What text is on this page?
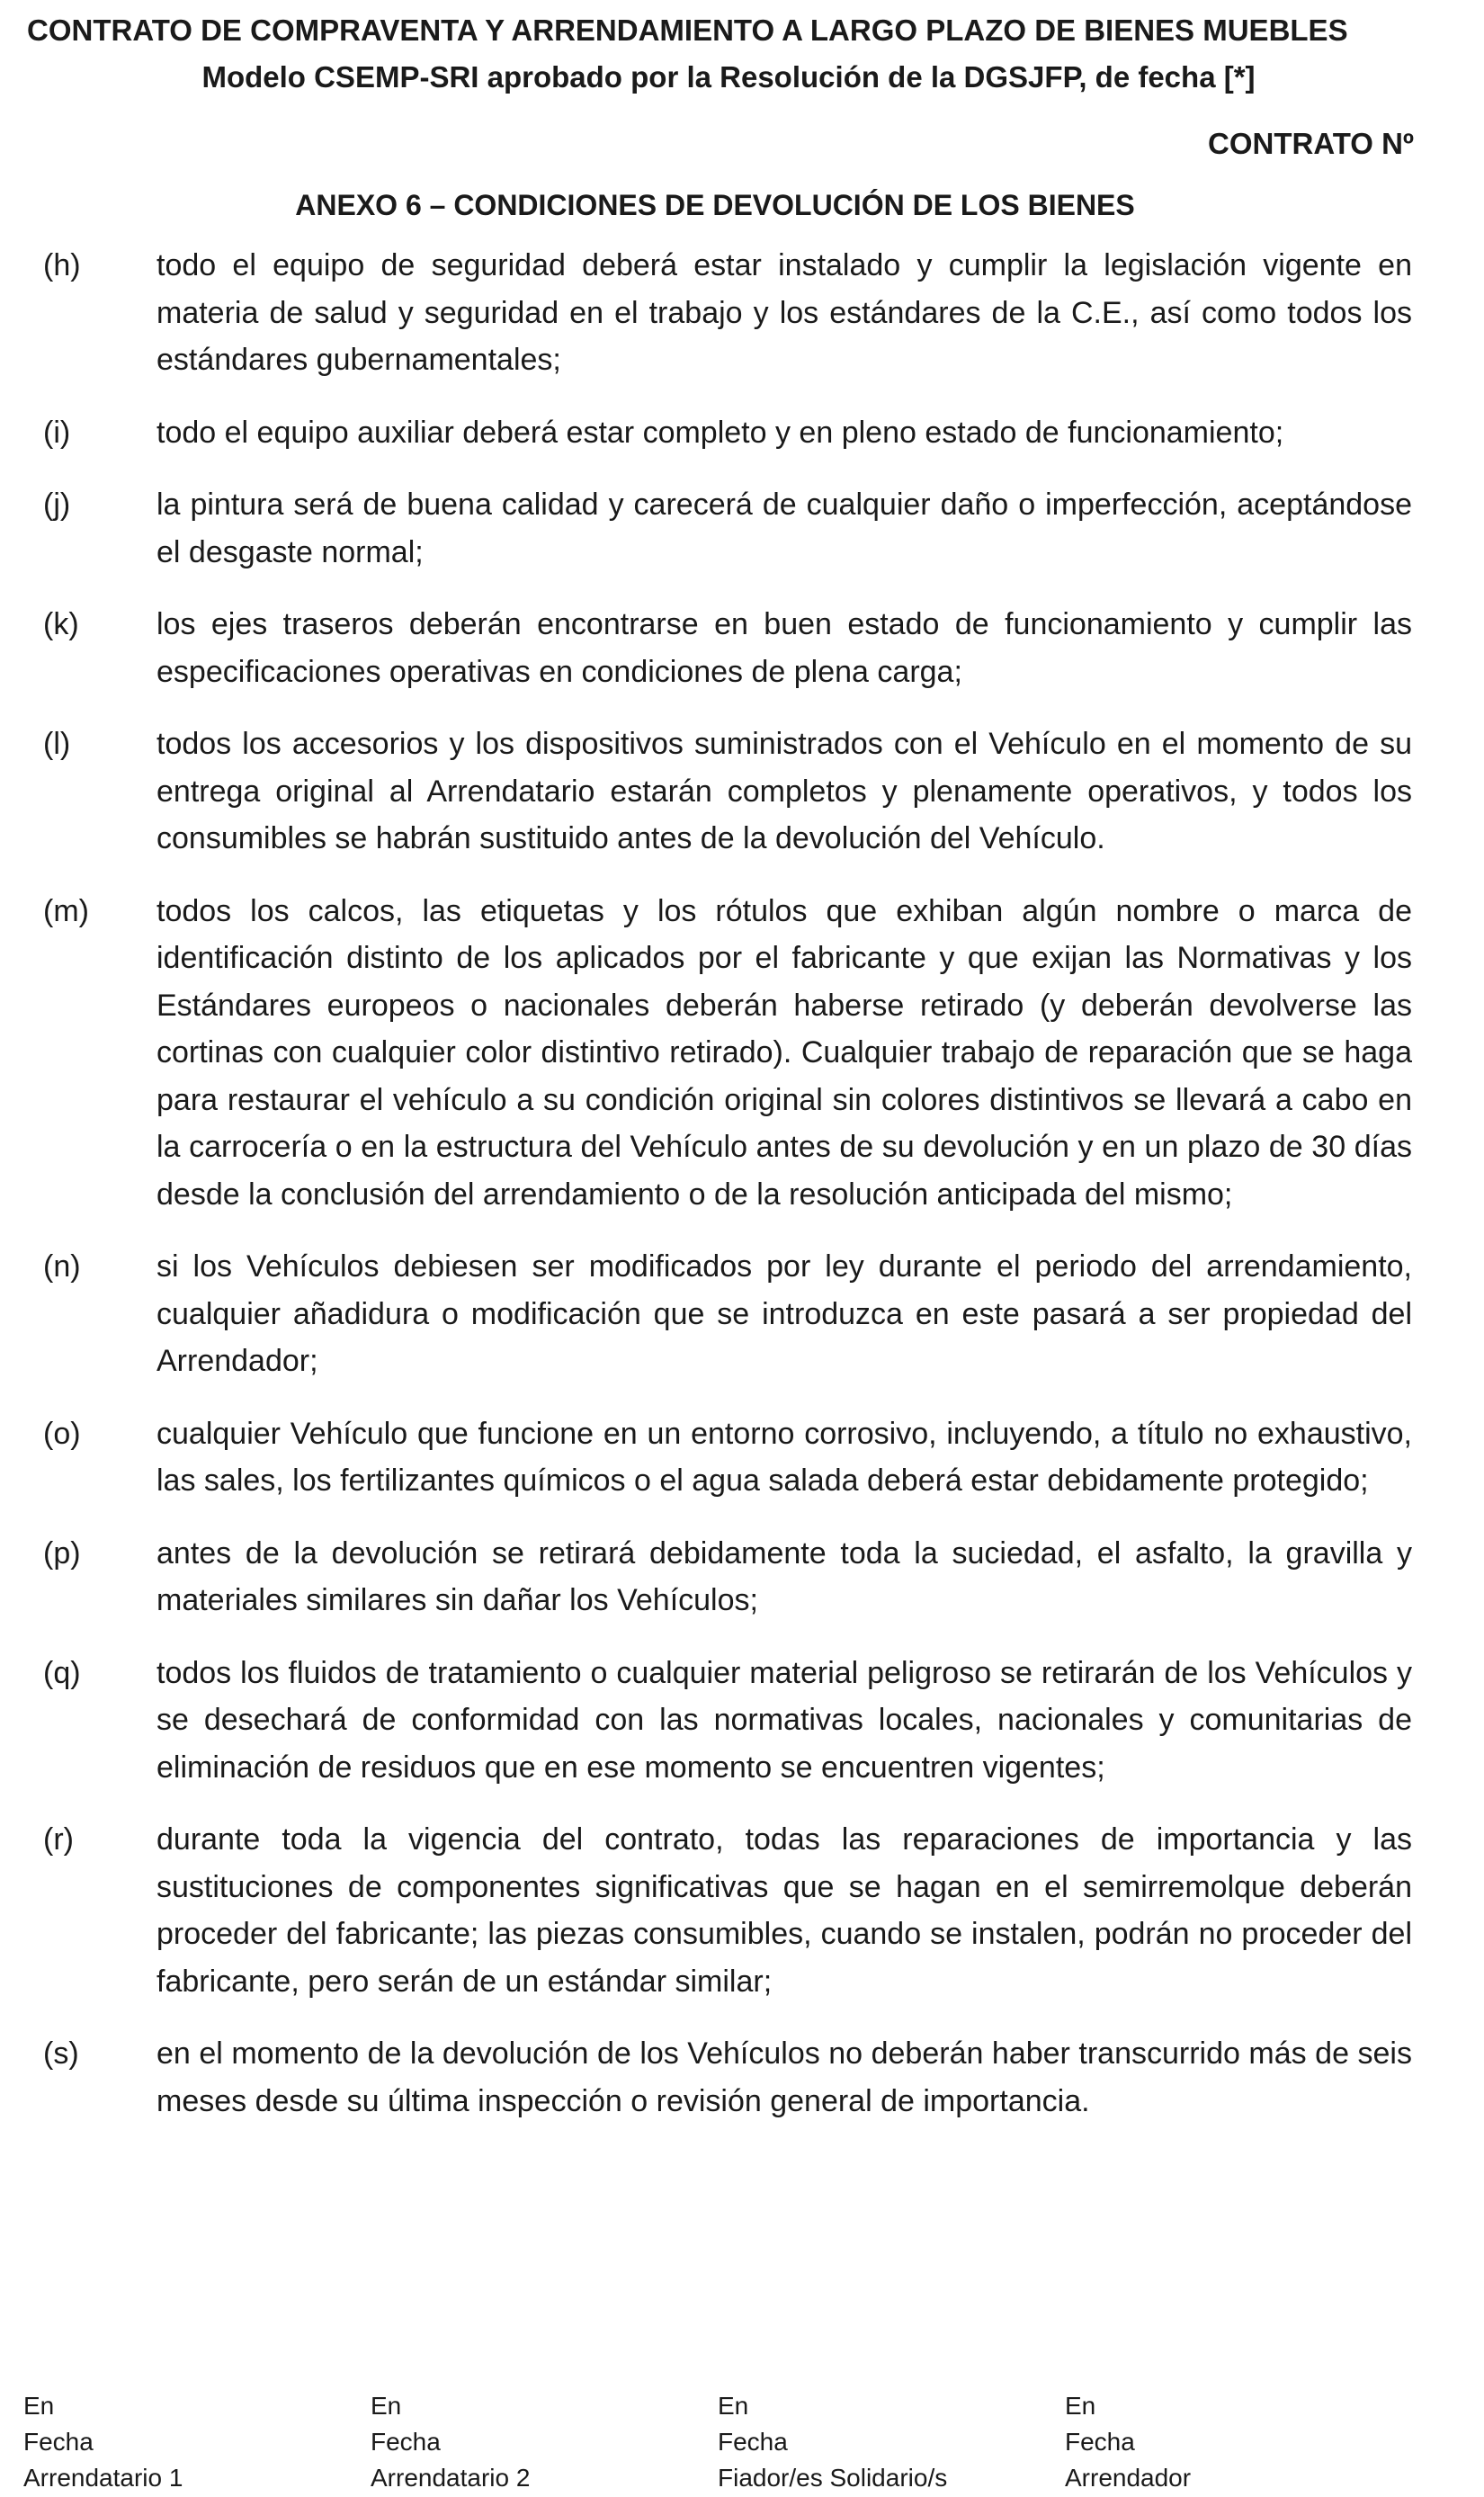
CONTRATO DE COMPRAVENTA Y ARRENDAMIENTO A LARGO PLAZO DE BIENES MUEBLES
Modelo CSEMP-SRI aprobado por la Resolución de la DGSJFP, de fecha [*]
CONTRATO Nº
ANEXO 6 – CONDICIONES DE DEVOLUCIÓN DE LOS BIENES
(h)	todo el equipo de seguridad deberá estar instalado y cumplir la legislación vigente en materia de salud y seguridad en el trabajo y los estándares de la C.E., así como todos los estándares gubernamentales;
(i)	todo el equipo auxiliar deberá estar completo y en pleno estado de funcionamiento;
(j)	la pintura será de buena calidad y carecerá de cualquier daño o imperfección, aceptándose el desgaste normal;
(k)	los ejes traseros deberán encontrarse en buen estado de funcionamiento y cumplir las especificaciones operativas en condiciones de plena carga;
(l)	todos los accesorios y los dispositivos suministrados con el Vehículo en el momento de su entrega original al Arrendatario estarán completos y plenamente operativos, y todos los consumibles se habrán sustituido antes de la devolución del Vehículo.
(m)	todos los calcos, las etiquetas y los rótulos que exhiban algún nombre o marca de identificación distinto de los aplicados por el fabricante y que exijan las Normativas y los Estándares europeos o nacionales deberán haberse retirado (y deberán devolverse las cortinas con cualquier color distintivo retirado). Cualquier trabajo de reparación que se haga para restaurar el vehículo a su condición original sin colores distintivos se llevará a cabo en la carrocería o en la estructura del Vehículo antes de su devolución y en un plazo de 30 días desde la conclusión del arrendamiento o de la resolución anticipada del mismo;
(n)	si los Vehículos debiesen ser modificados por ley durante el periodo del arrendamiento, cualquier añadidura o modificación que se introduzca en este pasará a ser propiedad del Arrendador;
(o)	cualquier Vehículo que funcione en un entorno corrosivo, incluyendo, a título no exhaustivo, las sales, los fertilizantes químicos o el agua salada deberá estar debidamente protegido;
(p)	antes de la devolución se retirará debidamente toda la suciedad, el asfalto, la gravilla y materiales similares sin dañar los Vehículos;
(q)	todos los fluidos de tratamiento o cualquier material peligroso se retirarán de los Vehículos y se desechará de conformidad con las normativas locales, nacionales y comunitarias de eliminación de residuos que en ese momento se encuentren vigentes;
(r)	durante toda la vigencia del contrato, todas las reparaciones de importancia y las sustituciones de componentes significativas que se hagan en el semirremolque deberán proceder del fabricante; las piezas consumibles, cuando se instalen, podrán no proceder del fabricante, pero serán de un estándar similar;
(s)	en el momento de la devolución de los Vehículos no deberán haber transcurrido más de seis meses desde su última inspección o revisión general de importancia.
En
Fecha
Arrendatario 1
En
Fecha
Arrendatario 2
En
Fecha
Fiador/es Solidario/s
En
Fecha
Arrendador
